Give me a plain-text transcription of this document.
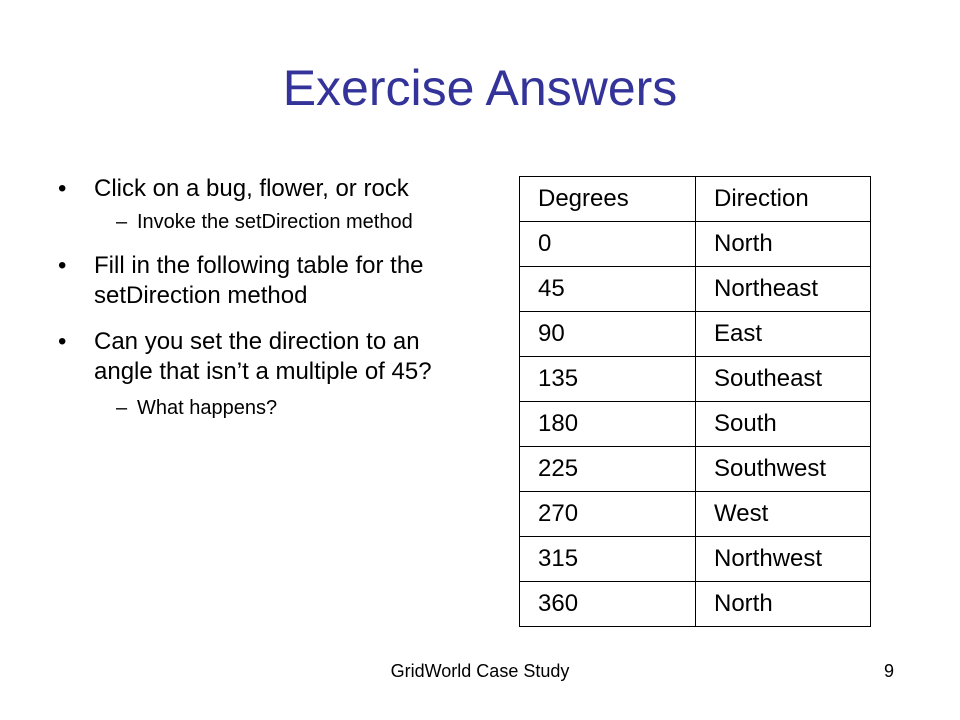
Exercise Answers
• Click on a bug, flower, or rock
– Invoke the setDirection method
• Fill in the following table for the setDirection method
• Can you set the direction to an angle that isn’t a multiple of 45?
– What happens?
Degrees	Direction
0	North
45	Northeast
90	East
135	Southeast
180	South
225	Southwest
270	West
315	Northwest
360	North
GridWorld Case Study	9
